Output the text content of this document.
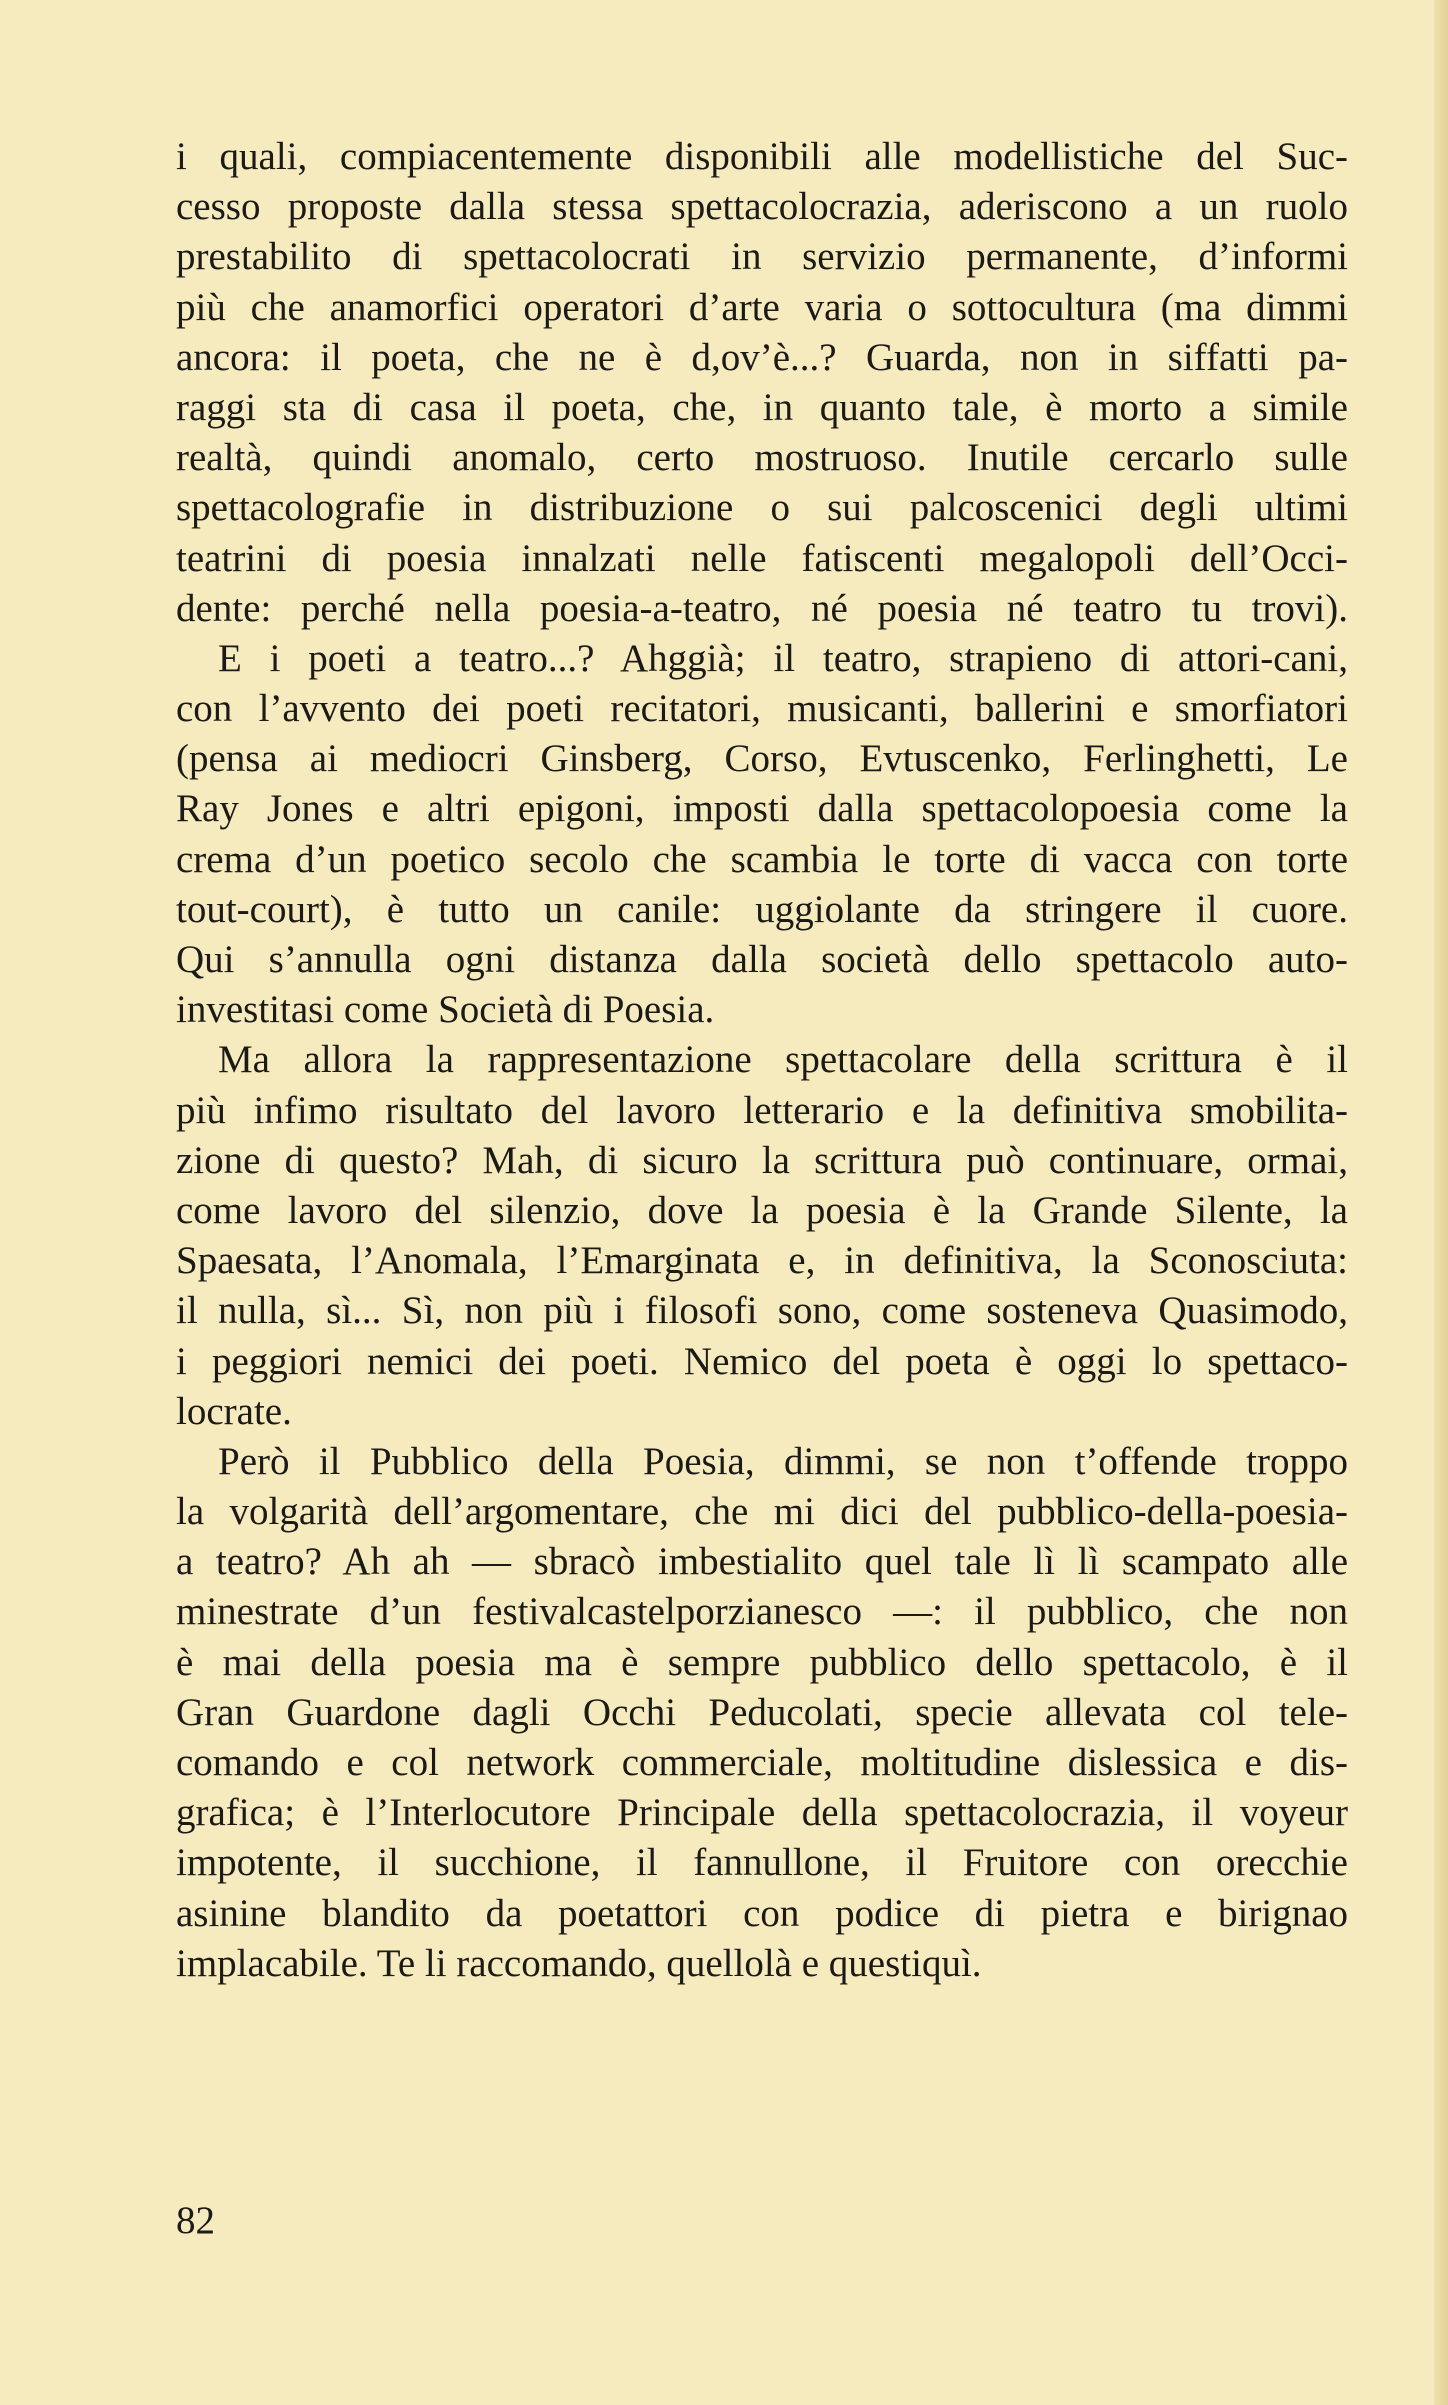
i quali, compiacentemente disponibili alle modellistiche del Suc-
cesso proposte dalla stessa spettacolocrazia, aderiscono a un ruolo
prestabilito di spettacolocrati in servizio permanente, d’informi
più che anamorfici operatori d’arte varia o sottocultura (ma dimmi
ancora: il poeta, che ne è d,ov’è...? Guarda, non in siffatti pa-
raggi sta di casa il poeta, che, in quanto tale, è morto a simile
realtà, quindi anomalo, certo mostruoso. Inutile cercarlo sulle
spettacolografie in distribuzione o sui palcoscenici degli ultimi
teatrini di poesia innalzati nelle fatiscenti megalopoli dell’Occi-
dente: perché nella poesia-a-teatro, né poesia né teatro tu trovi).
E i poeti a teatro...? Ahggià; il teatro, strapieno di attori-cani,
con l’avvento dei poeti recitatori, musicanti, ballerini e smorfiatori
(pensa ai mediocri Ginsberg, Corso, Evtuscenko, Ferlinghetti, Le
Ray Jones e altri epigoni, imposti dalla spettacolopoesia come la
crema d’un poetico secolo che scambia le torte di vacca con torte
tout-court), è tutto un canile: uggiolante da stringere il cuore.
Qui s’annulla ogni distanza dalla società dello spettacolo auto-
investitasi come Società di Poesia.
Ma allora la rappresentazione spettacolare della scrittura è il
più infimo risultato del lavoro letterario e la definitiva smobilita-
zione di questo? Mah, di sicuro la scrittura può continuare, ormai,
come lavoro del silenzio, dove la poesia è la Grande Silente, la
Spaesata, l’Anomala, l’Emarginata e, in definitiva, la Sconosciuta:
il nulla, sì... Sì, non più i filosofi sono, come sosteneva Quasimodo,
i peggiori nemici dei poeti. Nemico del poeta è oggi lo spettaco-
locrate.
Però il Pubblico della Poesia, dimmi, se non t’offende troppo
la volgarità dell’argomentare, che mi dici del pubblico-della-poesia-
a teatro? Ah ah — sbracò imbestialito quel tale lì lì scampato alle
minestrate d’un festivalcastelporzianesco —: il pubblico, che non
è mai della poesia ma è sempre pubblico dello spettacolo, è il
Gran Guardone dagli Occhi Peducolati, specie allevata col tele-
comando e col network commerciale, moltitudine dislessica e dis-
grafica; è l’Interlocutore Principale della spettacolocrazia, il voyeur
impotente, il succhione, il fannullone, il Fruitore con orecchie
asinine blandito da poetattori con podice di pietra e birignao
implacabile. Te li raccomando, quellolà e questiquì.
82
